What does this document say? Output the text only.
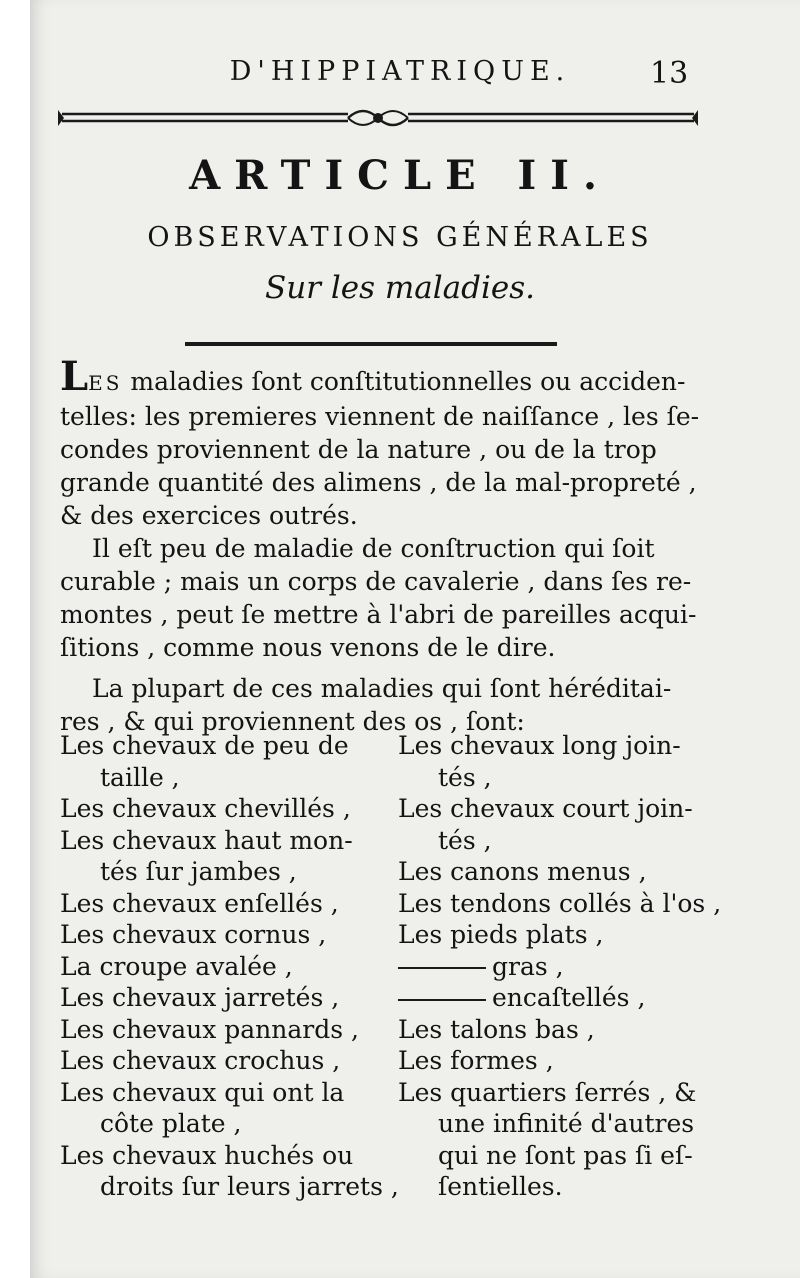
D'HIPPIATRIQUE.	13
ARTICLE II.
OBSERVATIONS GÉNÉRALES
Sur les maladies.
LES maladies ſont conſtitutionnelles ou acciden-
telles: les premieres viennent de naiſſance , les ſe-
condes proviennent de la nature , ou de la trop
grande quantité des alimens , de la mal-propreté ,
& des exercices outrés.
Il eſt peu de maladie de conſtruction qui ſoit
curable ; mais un corps de cavalerie , dans ſes re-
montes , peut ſe mettre à l'abri de pareilles acqui-
ſitions , comme nous venons de le dire.
La plupart de ces maladies qui ſont héréditai-
res , & qui proviennent des os , ſont:
Les chevaux de peu de
taille ,
Les chevaux chevillés ,
Les chevaux haut mon-
tés ſur jambes ,
Les chevaux enſellés ,
Les chevaux cornus ,
La croupe avalée ,
Les chevaux jarretés ,
Les chevaux pannards ,
Les chevaux crochus ,
Les chevaux qui ont la
côte plate ,
Les chevaux huchés ou
droits ſur leurs jarrets ,
Les chevaux long join-
tés ,
Les chevaux court join-
tés ,
Les canons menus ,
Les tendons collés à l'os ,
Les pieds plats ,
gras ,
encaſtellés ,
Les talons bas ,
Les formes ,
Les quartiers ſerrés , &
une infinité d'autres
qui ne ſont pas ſi eſ-
ſentielles.
